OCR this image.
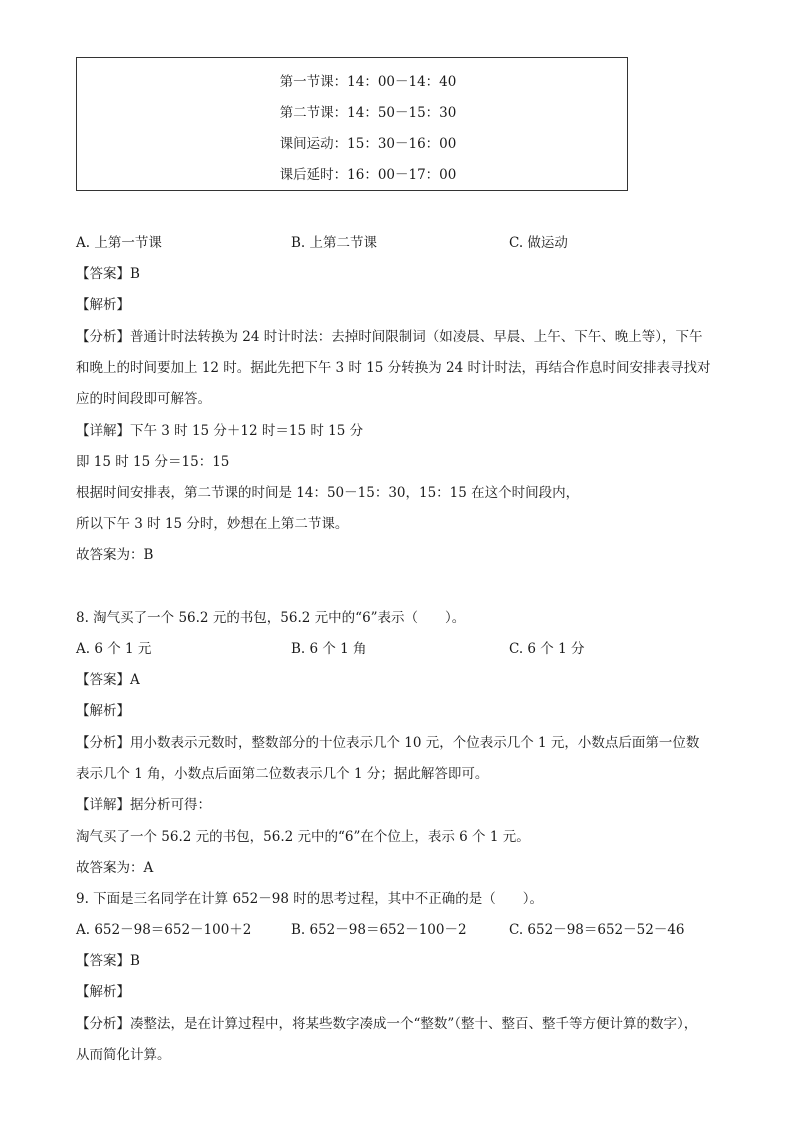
第一节课：14：00－14：40
第二节课：14：50－15：30
课间运动：15：30－16：00
课后延时：16：00－17：00
A. 上第一节课	B. 上第二节课	C. 做运动
【答案】B
【解析】
【分析】普通计时法转换为 24 时计时法：去掉时间限制词（如凌晨、早晨、上午、下午、晚上等），下午
和晚上的时间要加上 12 时。据此先把下午 3 时 15 分转换为 24 时计时法，再结合作息时间安排表寻找对
应的时间段即可解答。
【详解】下午 3 时 15 分＋12 时＝15 时 15 分
即 15 时 15 分＝15：15
根据时间安排表，第二节课的时间是 14：50－15：30，15：15 在这个时间段内，
所以下午 3 时 15 分时，妙想在上第二节课。
故答案为：B
8. 淘气买了一个 56.2 元的书包，56.2 元中的“6”表示（　　）。
A. 6 个 1 元	B. 6 个 1 角	C. 6 个 1 分
【答案】A
【解析】
【分析】用小数表示元数时，整数部分的十位表示几个 10 元，个位表示几个 1 元，小数点后面第一位数
表示几个 1 角，小数点后面第二位数表示几个 1 分；据此解答即可。
【详解】据分析可得：
淘气买了一个 56.2 元的书包，56.2 元中的“6”在个位上，表示 6 个 1 元。
故答案为：A
9. 下面是三名同学在计算 652－98 时的思考过程，其中不正确的是（　　）。
A. 652－98＝652－100＋2	B. 652－98＝652－100－2	C. 652－98＝652－52－46
【答案】B
【解析】
【分析】凑整法，是在计算过程中，将某些数字凑成一个“整数”（整十、整百、整千等方便计算的数字），
从而简化计算。
